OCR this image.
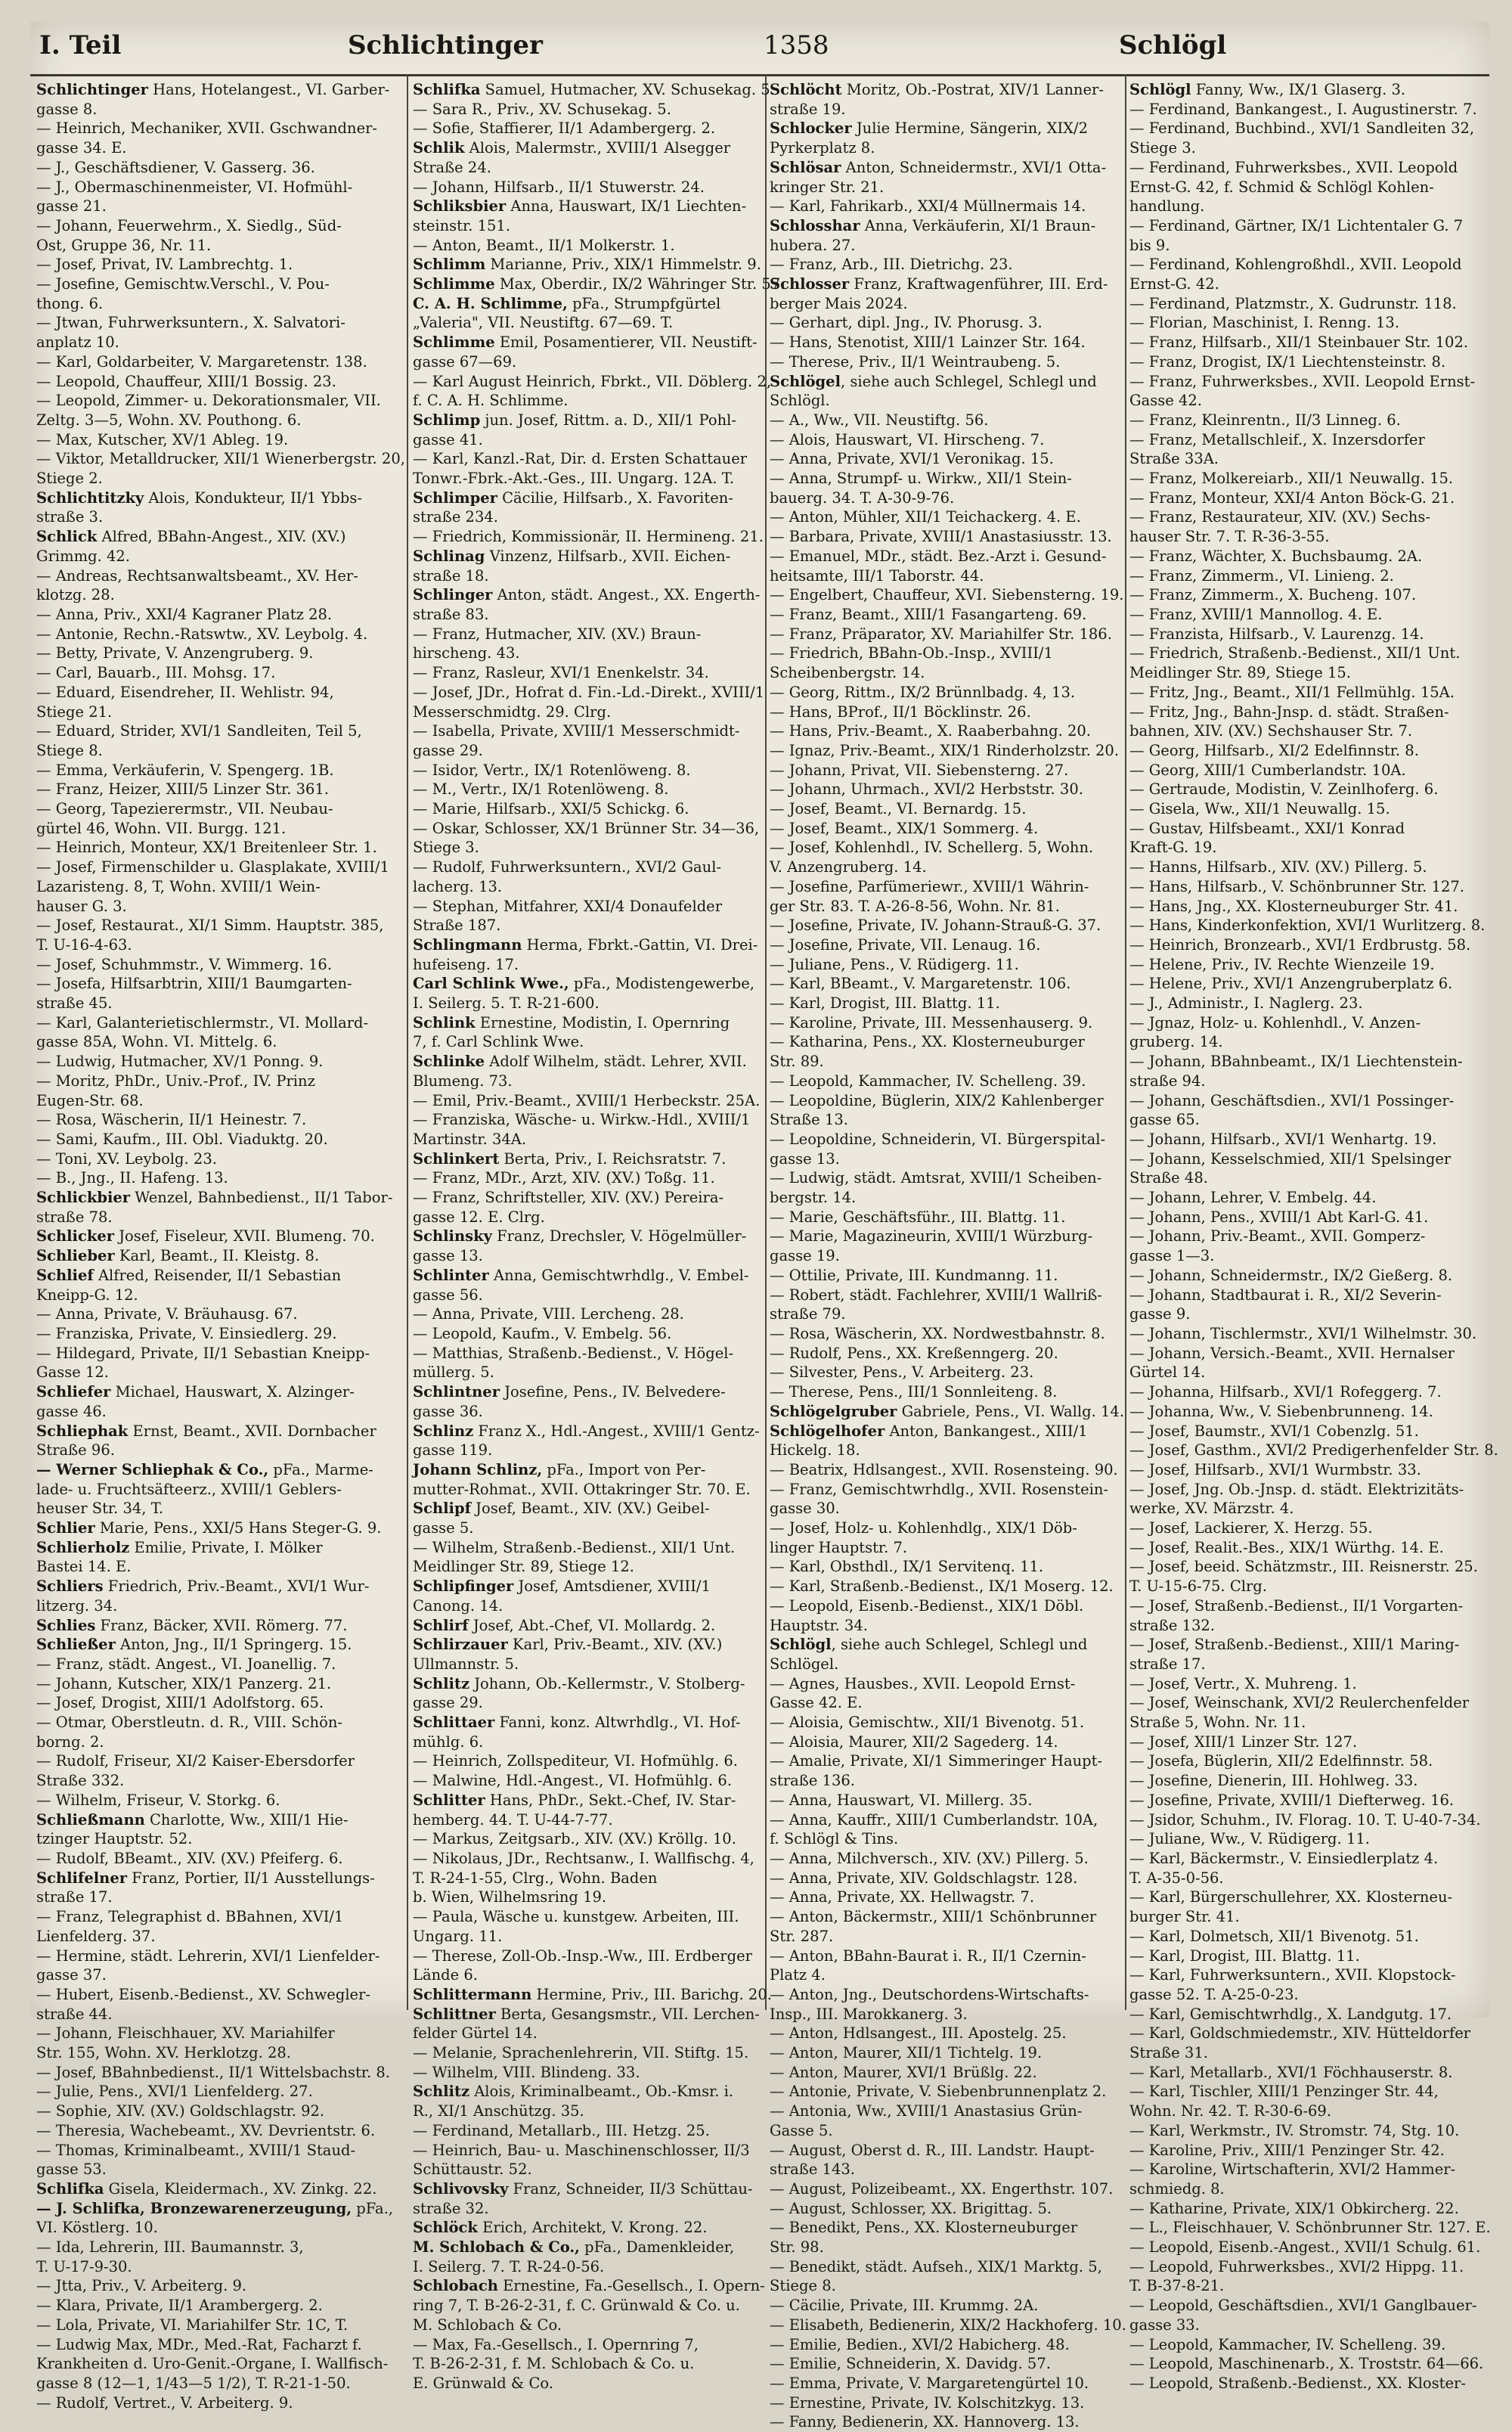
I. Teil	Schlichtinger	1358	Schlögl
Schlichtinger Hans, Hotelangest., VI. Garber-
gasse 8.
— Heinrich, Mechaniker, XVII. Gschwandner-
gasse 34. E.
— J., Geschäftsdiener, V. Gasserg. 36.
— J., Obermaschinenmeister, VI. Hofmühl-
gasse 21.
— Johann, Feuerwehrm., X. Siedlg., Süd-
Ost, Gruppe 36, Nr. 11.
— Josef, Privat, IV. Lambrechtg. 1.
— Josefine, Gemischtw.Verschl., V. Pou-
thong. 6.
— Jtwan, Fuhrwerksuntern., X. Salvatori-
anplatz 10.
— Karl, Goldarbeiter, V. Margaretenstr. 138.
— Leopold, Chauffeur, XIII/1 Bossig. 23.
— Leopold, Zimmer- u. Dekorationsmaler, VII.
Zeltg. 3—5, Wohn. XV. Pouthong. 6.
— Max, Kutscher, XV/1 Ableg. 19.
— Viktor, Metalldrucker, XII/1 Wienerbergstr. 20,
Stiege 2.
Schlichtitzky Alois, Kondukteur, II/1 Ybbs-
straße 3.
Schlick Alfred, BBahn-Angest., XIV. (XV.)
Grimmg. 42.
— Andreas, Rechtsanwaltsbeamt., XV. Her-
klotzg. 28.
— Anna, Priv., XXI/4 Kagraner Platz 28.
— Antonie, Rechn.-Ratswtw., XV. Leybolg. 4.
— Betty, Private, V. Anzengruberg. 9.
— Carl, Bauarb., III. Mohsg. 17.
— Eduard, Eisendreher, II. Wehlistr. 94,
Stiege 21.
— Eduard, Strider, XVI/1 Sandleiten, Teil 5,
Stiege 8.
— Emma, Verkäuferin, V. Spengerg. 1B.
— Franz, Heizer, XIII/5 Linzer Str. 361.
— Georg, Tapezierermstr., VII. Neubau-
gürtel 46, Wohn. VII. Burgg. 121.
— Heinrich, Monteur, XX/1 Breitenleer Str. 1.
— Josef, Firmenschilder u. Glasplakate, XVIII/1
Lazaristeng. 8, T, Wohn. XVIII/1 Wein-
hauser G. 3.
— Josef, Restaurat., XI/1 Simm. Hauptstr. 385,
T. U-16-4-63.
— Josef, Schuhmmstr., V. Wimmerg. 16.
— Josefa, Hilfsarbtrin, XIII/1 Baumgarten-
straße 45.
— Karl, Galanterietischlermstr., VI. Mollard-
gasse 85A, Wohn. VI. Mittelg. 6.
— Ludwig, Hutmacher, XV/1 Ponng. 9.
— Moritz, PhDr., Univ.-Prof., IV. Prinz
Eugen-Str. 68.
— Rosa, Wäscherin, II/1 Heinestr. 7.
— Sami, Kaufm., III. Obl. Viaduktg. 20.
— Toni, XV. Leybolg. 23.
— B., Jng., II. Hafeng. 13.
Schlickbier Wenzel, Bahnbedienst., II/1 Tabor-
straße 78.
Schlicker Josef, Fiseleur, XVII. Blumeng. 70.
Schlieber Karl, Beamt., II. Kleistg. 8.
Schlief Alfred, Reisender, II/1 Sebastian
Kneipp-G. 12.
— Anna, Private, V. Bräuhausg. 67.
— Franziska, Private, V. Einsiedlerg. 29.
— Hildegard, Private, II/1 Sebastian Kneipp-
Gasse 12.
Schliefer Michael, Hauswart, X. Alzinger-
gasse 46.
Schliephak Ernst, Beamt., XVII. Dornbacher
Straße 96.
— Werner Schliephak & Co., pFa., Marme-
lade- u. Fruchtsäfteerz., XVIII/1 Geblers-
heuser Str. 34, T.
Schlier Marie, Pens., XXI/5 Hans Steger-G. 9.
Schlierholz Emilie, Private, I. Mölker
Bastei 14. E.
Schliers Friedrich, Priv.-Beamt., XVI/1 Wur-
litzerg. 34.
Schlies Franz, Bäcker, XVII. Römerg. 77.
Schließer Anton, Jng., II/1 Springerg. 15.
— Franz, städt. Angest., VI. Joanellig. 7.
— Johann, Kutscher, XIX/1 Panzerg. 21.
— Josef, Drogist, XIII/1 Adolfstorg. 65.
— Otmar, Oberstleutn. d. R., VIII. Schön-
borng. 2.
— Rudolf, Friseur, XI/2 Kaiser-Ebersdorfer
Straße 332.
— Wilhelm, Friseur, V. Storkg. 6.
Schließmann Charlotte, Ww., XIII/1 Hie-
tzinger Hauptstr. 52.
— Rudolf, BBeamt., XIV. (XV.) Pfeiferg. 6.
Schlifelner Franz, Portier, II/1 Ausstellungs-
straße 17.
— Franz, Telegraphist d. BBahnen, XVI/1
Lienfelderg. 37.
— Hermine, städt. Lehrerin, XVI/1 Lienfelder-
gasse 37.
— Hubert, Eisenb.-Bedienst., XV. Schwegler-
straße 44.
— Johann, Fleischhauer, XV. Mariahilfer
Str. 155, Wohn. XV. Herklotzg. 28.
— Josef, BBahnbedienst., II/1 Wittelsbachstr. 8.
— Julie, Pens., XVI/1 Lienfelderg. 27.
— Sophie, XIV. (XV.) Goldschlagstr. 92.
— Theresia, Wachebeamt., XV. Devrientstr. 6.
— Thomas, Kriminalbeamt., XVIII/1 Staud-
gasse 53.
Schlifka Gisela, Kleidermach., XV. Zinkg. 22.
— J. Schlifka, Bronzewarenerzeugung, pFa.,
VI. Köstlerg. 10.
— Ida, Lehrerin, III. Baumannstr. 3,
T. U-17-9-30.
— Jtta, Priv., V. Arbeiterg. 9.
— Klara, Private, II/1 Arambergerg. 2.
— Lola, Private, VI. Mariahilfer Str. 1C, T.
— Ludwig Max, MDr., Med.-Rat, Facharzt f.
Krankheiten d. Uro-Genit.-Organe, I. Wallfisch-
gasse 8 (12—1, 1/43—5 1/2), T. R-21-1-50.
— Rudolf, Vertret., V. Arbeiterg. 9.
Schlifka Samuel, Hutmacher, XV. Schusekag. 5.
— Sara R., Priv., XV. Schusekag. 5.
— Sofie, Staffierer, II/1 Adambergerg. 2.
Schlik Alois, Malermstr., XVIII/1 Alsegger
Straße 24.
— Johann, Hilfsarb., II/1 Stuwerstr. 24.
Schliksbier Anna, Hauswart, IX/1 Liechten-
steinstr. 151.
— Anton, Beamt., II/1 Molkerstr. 1.
Schlimm Marianne, Priv., XIX/1 Himmelstr. 9.
Schlimme Max, Oberdir., IX/2 Währinger Str. 57.
C. A. H. Schlimme, pFa., Strumpfgürtel
„Valeria", VII. Neustiftg. 67—69. T.
Schlimme Emil, Posamentierer, VII. Neustift-
gasse 67—69.
— Karl August Heinrich, Fbrkt., VII. Döblerg. 2,
f. C. A. H. Schlimme.
Schlimp jun. Josef, Rittm. a. D., XII/1 Pohl-
gasse 41.
— Karl, Kanzl.-Rat, Dir. d. Ersten Schattauer
Tonwr.-Fbrk.-Akt.-Ges., III. Ungarg. 12A. T.
Schlimper Cäcilie, Hilfsarb., X. Favoriten-
straße 234.
— Friedrich, Kommissionär, II. Hermineng. 21.
Schlinag Vinzenz, Hilfsarb., XVII. Eichen-
straße 18.
Schlinger Anton, städt. Angest., XX. Engerth-
straße 83.
— Franz, Hutmacher, XIV. (XV.) Braun-
hirscheng. 43.
— Franz, Rasleur, XVI/1 Enenkelstr. 34.
— Josef, JDr., Hofrat d. Fin.-Ld.-Direkt., XVIII/1
Messerschmidtg. 29. Clrg.
— Isabella, Private, XVIII/1 Messerschmidt-
gasse 29.
— Isidor, Vertr., IX/1 Rotenlöweng. 8.
— M., Vertr., IX/1 Rotenlöweng. 8.
— Marie, Hilfsarb., XXI/5 Schickg. 6.
— Oskar, Schlosser, XX/1 Brünner Str. 34—36,
Stiege 3.
— Rudolf, Fuhrwerksuntern., XVI/2 Gaul-
lacherg. 13.
— Stephan, Mitfahrer, XXI/4 Donaufelder
Straße 187.
Schlingmann Herma, Fbrkt.-Gattin, VI. Drei-
hufeiseng. 17.
Carl Schlink Wwe., pFa., Modistengewerbe,
I. Seilerg. 5. T. R-21-600.
Schlink Ernestine, Modistin, I. Opernring
7, f. Carl Schlink Wwe.
Schlinke Adolf Wilhelm, städt. Lehrer, XVII.
Blumeng. 73.
— Emil, Priv.-Beamt., XVIII/1 Herbeckstr. 25A.
— Franziska, Wäsche- u. Wirkw.-Hdl., XVIII/1
Martinstr. 34A.
Schlinkert Berta, Priv., I. Reichsratstr. 7.
— Franz, MDr., Arzt, XIV. (XV.) Toßg. 11.
— Franz, Schriftsteller, XIV. (XV.) Pereira-
gasse 12. E. Clrg.
Schlinsky Franz, Drechsler, V. Högelmüller-
gasse 13.
Schlinter Anna, Gemischtwrhdlg., V. Embel-
gasse 56.
— Anna, Private, VIII. Lercheng. 28.
— Leopold, Kaufm., V. Embelg. 56.
— Matthias, Straßenb.-Bedienst., V. Högel-
müllerg. 5.
Schlintner Josefine, Pens., IV. Belvedere-
gasse 36.
Schlinz Franz X., Hdl.-Angest., XVIII/1 Gentz-
gasse 119.
Johann Schlinz, pFa., Import von Per-
mutter-Rohmat., XVII. Ottakringer Str. 70. E.
Schlipf Josef, Beamt., XIV. (XV.) Geibel-
gasse 5.
— Wilhelm, Straßenb.-Bedienst., XII/1 Unt.
Meidlinger Str. 89, Stiege 12.
Schlipfinger Josef, Amtsdiener, XVIII/1
Canong. 14.
Schlirf Josef, Abt.-Chef, VI. Mollardg. 2.
Schlirzauer Karl, Priv.-Beamt., XIV. (XV.)
Ullmannstr. 5.
Schlitz Johann, Ob.-Kellermstr., V. Stolberg-
gasse 29.
Schlittaer Fanni, konz. Altwrhdlg., VI. Hof-
mühlg. 6.
— Heinrich, Zollspediteur, VI. Hofmühlg. 6.
— Malwine, Hdl.-Angest., VI. Hofmühlg. 6.
Schlitter Hans, PhDr., Sekt.-Chef, IV. Star-
hemberg. 44. T. U-44-7-77.
— Markus, Zeitgsarb., XIV. (XV.) Kröllg. 10.
— Nikolaus, JDr., Rechtsanw., I. Wallfischg. 4,
T. R-24-1-55, Clrg., Wohn. Baden
b. Wien, Wilhelmsring 19.
— Paula, Wäsche u. kunstgew. Arbeiten, III.
Ungarg. 11.
— Therese, Zoll-Ob.-Insp.-Ww., III. Erdberger
Lände 6.
Schlittermann Hermine, Priv., III. Barichg. 20.
Schlittner Berta, Gesangsmstr., VII. Lerchen-
felder Gürtel 14.
— Melanie, Sprachenlehrerin, VII. Stiftg. 15.
— Wilhelm, VIII. Blindeng. 33.
Schlitz Alois, Kriminalbeamt., Ob.-Kmsr. i.
R., XI/1 Anschützg. 35.
— Ferdinand, Metallarb., III. Hetzg. 25.
— Heinrich, Bau- u. Maschinenschlosser, II/3
Schüttaustr. 52.
Schlivovsky Franz, Schneider, II/3 Schüttau-
straße 32.
Schlöck Erich, Architekt, V. Krong. 22.
M. Schlobach & Co., pFa., Damenkleider,
I. Seilerg. 7. T. R-24-0-56.
Schlobach Ernestine, Fa.-Gesellsch., I. Opern-
ring 7, T. B-26-2-31, f. C. Grünwald & Co. u.
M. Schlobach & Co.
— Max, Fa.-Gesellsch., I. Opernring 7,
T. B-26-2-31, f. M. Schlobach & Co. u.
E. Grünwald & Co.
Schlöcht Moritz, Ob.-Postrat, XIV/1 Lanner-
straße 19.
Schlocker Julie Hermine, Sängerin, XIX/2
Pyrkerplatz 8.
Schlösar Anton, Schneidermstr., XVI/1 Otta-
kringer Str. 21.
— Karl, Fahrikarb., XXI/4 Müllnermais 14.
Schlosshar Anna, Verkäuferin, XI/1 Braun-
hubera. 27.
— Franz, Arb., III. Dietrichg. 23.
Schlosser Franz, Kraftwagenführer, III. Erd-
berger Mais 2024.
— Gerhart, dipl. Jng., IV. Phorusg. 3.
— Hans, Stenotist, XIII/1 Lainzer Str. 164.
— Therese, Priv., II/1 Weintraubeng. 5.
Schlögel, siehe auch Schlegel, Schlegl und
Schlögl.
— A., Ww., VII. Neustiftg. 56.
— Alois, Hauswart, VI. Hirscheng. 7.
— Anna, Private, XVI/1 Veronikag. 15.
— Anna, Strumpf- u. Wirkw., XII/1 Stein-
bauerg. 34. T. A-30-9-76.
— Anton, Mühler, XII/1 Teichackerg. 4. E.
— Barbara, Private, XVIII/1 Anastasiusstr. 13.
— Emanuel, MDr., städt. Bez.-Arzt i. Gesund-
heitsamte, III/1 Taborstr. 44.
— Engelbert, Chauffeur, XVI. Siebensterng. 19.
— Franz, Beamt., XIII/1 Fasangarteng. 69.
— Franz, Präparator, XV. Mariahilfer Str. 186.
— Friedrich, BBahn-Ob.-Insp., XVIII/1
Scheibenbergstr. 14.
— Georg, Rittm., IX/2 Brünnlbadg. 4, 13.
— Hans, BProf., II/1 Böcklinstr. 26.
— Hans, Priv.-Beamt., X. Raaberbahng. 20.
— Ignaz, Priv.-Beamt., XIX/1 Rinderholzstr. 20.
— Johann, Privat, VII. Siebensterng. 27.
— Johann, Uhrmach., XVI/2 Herbststr. 30.
— Josef, Beamt., VI. Bernardg. 15.
— Josef, Beamt., XIX/1 Sommerg. 4.
— Josef, Kohlenhdl., IV. Schellerg. 5, Wohn.
V. Anzengruberg. 14.
— Josefine, Parfümeriewr., XVIII/1 Währin-
ger Str. 83. T. A-26-8-56, Wohn. Nr. 81.
— Josefine, Private, IV. Johann-Strauß-G. 37.
— Josefine, Private, VII. Lenaug. 16.
— Juliane, Pens., V. Rüdigerg. 11.
— Karl, BBeamt., V. Margaretenstr. 106.
— Karl, Drogist, III. Blattg. 11.
— Karoline, Private, III. Messenhauserg. 9.
— Katharina, Pens., XX. Klosterneuburger
Str. 89.
— Leopold, Kammacher, IV. Schelleng. 39.
— Leopoldine, Büglerin, XIX/2 Kahlenberger
Straße 13.
— Leopoldine, Schneiderin, VI. Bürgerspital-
gasse 13.
— Ludwig, städt. Amtsrat, XVIII/1 Scheiben-
bergstr. 14.
— Marie, Geschäftsführ., III. Blattg. 11.
— Marie, Magazineurin, XVIII/1 Würzburg-
gasse 19.
— Ottilie, Private, III. Kundmanng. 11.
— Robert, städt. Fachlehrer, XVIII/1 Wallriß-
straße 79.
— Rosa, Wäscherin, XX. Nordwestbahnstr. 8.
— Rudolf, Pens., XX. Kreßenngerg. 20.
— Silvester, Pens., V. Arbeiterg. 23.
— Therese, Pens., III/1 Sonnleiteng. 8.
Schlögelgruber Gabriele, Pens., VI. Wallg. 14.
Schlögelhofer Anton, Bankangest., XIII/1
Hickelg. 18.
— Beatrix, Hdlsangest., XVII. Rosensteing. 90.
— Franz, Gemischtwrhdlg., XVII. Rosenstein-
gasse 30.
— Josef, Holz- u. Kohlenhdlg., XIX/1 Döb-
linger Hauptstr. 7.
— Karl, Obsthdl., IX/1 Servitenq. 11.
— Karl, Straßenb.-Bedienst., IX/1 Moserg. 12.
— Leopold, Eisenb.-Bedienst., XIX/1 Döbl.
Hauptstr. 34.
Schlögl, siehe auch Schlegel, Schlegl und
Schlögel.
— Agnes, Hausbes., XVII. Leopold Ernst-
Gasse 42. E.
— Aloisia, Gemischtw., XII/1 Bivenotg. 51.
— Aloisia, Maurer, XII/2 Sagederg. 14.
— Amalie, Private, XI/1 Simmeringer Haupt-
straße 136.
— Anna, Hauswart, VI. Millerg. 35.
— Anna, Kauffr., XIII/1 Cumberlandstr. 10A,
f. Schlögl & Tins.
— Anna, Milchversch., XIV. (XV.) Pillerg. 5.
— Anna, Private, XIV. Goldschlagstr. 128.
— Anna, Private, XX. Hellwagstr. 7.
— Anton, Bäckermstr., XIII/1 Schönbrunner
Str. 287.
— Anton, BBahn-Baurat i. R., II/1 Czernin-
Platz 4.
— Anton, Jng., Deutschordens-Wirtschafts-
Insp., III. Marokkanerg. 3.
— Anton, Hdlsangest., III. Apostelg. 25.
— Anton, Maurer, XII/1 Tichtelg. 19.
— Anton, Maurer, XVI/1 Brüßlg. 22.
— Antonie, Private, V. Siebenbrunnenplatz 2.
— Antonia, Ww., XVIII/1 Anastasius Grün-
Gasse 5.
— August, Oberst d. R., III. Landstr. Haupt-
straße 143.
— August, Polizeibeamt., XX. Engerthstr. 107.
— August, Schlosser, XX. Brigittag. 5.
— Benedikt, Pens., XX. Klosterneuburger
Str. 98.
— Benedikt, städt. Aufseh., XIX/1 Marktg. 5,
Stiege 8.
— Cäcilie, Private, III. Krummg. 2A.
— Elisabeth, Bedienerin, XIX/2 Hackhoferg. 10.
— Emilie, Bedien., XVI/2 Habicherg. 48.
— Emilie, Schneiderin, X. Davidg. 57.
— Emma, Private, V. Margaretengürtel 10.
— Ernestine, Private, IV. Kolschitzkyg. 13.
— Fanny, Bedienerin, XX. Hannoverg. 13.
Schlögl Fanny, Ww., IX/1 Glaserg. 3.
— Ferdinand, Bankangest., I. Augustinerstr. 7.
— Ferdinand, Buchbind., XVI/1 Sandleiten 32,
Stiege 3.
— Ferdinand, Fuhrwerksbes., XVII. Leopold
Ernst-G. 42, f. Schmid & Schlögl Kohlen-
handlung.
— Ferdinand, Gärtner, IX/1 Lichtentaler G. 7
bis 9.
— Ferdinand, Kohlengroßhdl., XVII. Leopold
Ernst-G. 42.
— Ferdinand, Platzmstr., X. Gudrunstr. 118.
— Florian, Maschinist, I. Renng. 13.
— Franz, Hilfsarb., XII/1 Steinbauer Str. 102.
— Franz, Drogist, IX/1 Liechtensteinstr. 8.
— Franz, Fuhrwerksbes., XVII. Leopold Ernst-
Gasse 42.
— Franz, Kleinrentn., II/3 Linneg. 6.
— Franz, Metallschleif., X. Inzersdorfer
Straße 33A.
— Franz, Molkereiarb., XII/1 Neuwallg. 15.
— Franz, Monteur, XXI/4 Anton Böck-G. 21.
— Franz, Restaurateur, XIV. (XV.) Sechs-
hauser Str. 7. T. R-36-3-55.
— Franz, Wächter, X. Buchsbaumg. 2A.
— Franz, Zimmerm., VI. Linieng. 2.
— Franz, Zimmerm., X. Bucheng. 107.
— Franz, XVIII/1 Mannollog. 4. E.
— Franzista, Hilfsarb., V. Laurenzg. 14.
— Friedrich, Straßenb.-Bedienst., XII/1 Unt.
Meidlinger Str. 89, Stiege 15.
— Fritz, Jng., Beamt., XII/1 Fellmühlg. 15A.
— Fritz, Jng., Bahn-Jnsp. d. städt. Straßen-
bahnen, XIV. (XV.) Sechshauser Str. 7.
— Georg, Hilfsarb., XI/2 Edelfinnstr. 8.
— Georg, XIII/1 Cumberlandstr. 10A.
— Gertraude, Modistin, V. Zeinlhoferg. 6.
— Gisela, Ww., XII/1 Neuwallg. 15.
— Gustav, Hilfsbeamt., XXI/1 Konrad
Kraft-G. 19.
— Hanns, Hilfsarb., XIV. (XV.) Pillerg. 5.
— Hans, Hilfsarb., V. Schönbrunner Str. 127.
— Hans, Jng., XX. Klosterneuburger Str. 41.
— Hans, Kinderkonfektion, XVI/1 Wurlitzerg. 8.
— Heinrich, Bronzearb., XVI/1 Erdbrustg. 58.
— Helene, Priv., IV. Rechte Wienzeile 19.
— Helene, Priv., XVI/1 Anzengruberplatz 6.
— J., Administr., I. Naglerg. 23.
— Jgnaz, Holz- u. Kohlenhdl., V. Anzen-
gruberg. 14.
— Johann, BBahnbeamt., IX/1 Liechtenstein-
straße 94.
— Johann, Geschäftsdien., XVI/1 Possinger-
gasse 65.
— Johann, Hilfsarb., XVI/1 Wenhartg. 19.
— Johann, Kesselschmied, XII/1 Spelsinger
Straße 48.
— Johann, Lehrer, V. Embelg. 44.
— Johann, Pens., XVIII/1 Abt Karl-G. 41.
— Johann, Priv.-Beamt., XVII. Gomperz-
gasse 1—3.
— Johann, Schneidermstr., IX/2 Gießerg. 8.
— Johann, Stadtbaurat i. R., XI/2 Severin-
gasse 9.
— Johann, Tischlermstr., XVI/1 Wilhelmstr. 30.
— Johann, Versich.-Beamt., XVII. Hernalser
Gürtel 14.
— Johanna, Hilfsarb., XVI/1 Rofeggerg. 7.
— Johanna, Ww., V. Siebenbrunneng. 14.
— Josef, Baumstr., XVI/1 Cobenzlg. 51.
— Josef, Gasthm., XVI/2 Predigerhenfelder Str. 8.
— Josef, Hilfsarb., XVI/1 Wurmbstr. 33.
— Josef, Jng. Ob.-Jnsp. d. städt. Elektrizitäts-
werke, XV. Märzstr. 4.
— Josef, Lackierer, X. Herzg. 55.
— Josef, Realit.-Bes., XIX/1 Würthg. 14. E.
— Josef, beeid. Schätzmstr., III. Reisnerstr. 25.
T. U-15-6-75. Clrg.
— Josef, Straßenb.-Bedienst., II/1 Vorgarten-
straße 132.
— Josef, Straßenb.-Bedienst., XIII/1 Maring-
straße 17.
— Josef, Vertr., X. Muhreng. 1.
— Josef, Weinschank, XVI/2 Reulerchenfelder
Straße 5, Wohn. Nr. 11.
— Josef, XIII/1 Linzer Str. 127.
— Josefa, Büglerin, XII/2 Edelfinnstr. 58.
— Josefine, Dienerin, III. Hohlweg. 33.
— Josefine, Private, XVIII/1 Diefterweg. 16.
— Jsidor, Schuhm., IV. Florag. 10. T. U-40-7-34.
— Juliane, Ww., V. Rüdigerg. 11.
— Karl, Bäckermstr., V. Einsiedlerplatz 4.
T. A-35-0-56.
— Karl, Bürgerschullehrer, XX. Klosterneu-
burger Str. 41.
— Karl, Dolmetsch, XII/1 Bivenotg. 51.
— Karl, Drogist, III. Blattg. 11.
— Karl, Fuhrwerksuntern., XVII. Klopstock-
gasse 52. T. A-25-0-23.
— Karl, Gemischtwrhdlg., X. Landgutg. 17.
— Karl, Goldschmiedemstr., XIV. Hütteldorfer
Straße 31.
— Karl, Metallarb., XVI/1 Föchhauserstr. 8.
— Karl, Tischler, XIII/1 Penzinger Str. 44,
Wohn. Nr. 42. T. R-30-6-69.
— Karl, Werkmstr., IV. Stromstr. 74, Stg. 10.
— Karoline, Priv., XIII/1 Penzinger Str. 42.
— Karoline, Wirtschafterin, XVI/2 Hammer-
schmiedg. 8.
— Katharine, Private, XIX/1 Obkircherg. 22.
— L., Fleischhauer, V. Schönbrunner Str. 127. E.
— Leopold, Eisenb.-Angest., XVII/1 Schulg. 61.
— Leopold, Fuhrwerksbes., XVI/2 Hippg. 11.
T. B-37-8-21.
— Leopold, Geschäftsdien., XVI/1 Ganglbauer-
gasse 33.
— Leopold, Kammacher, IV. Schelleng. 39.
— Leopold, Maschinenarb., X. Troststr. 64—66.
— Leopold, Straßenb.-Bedienst., XX. Kloster-
